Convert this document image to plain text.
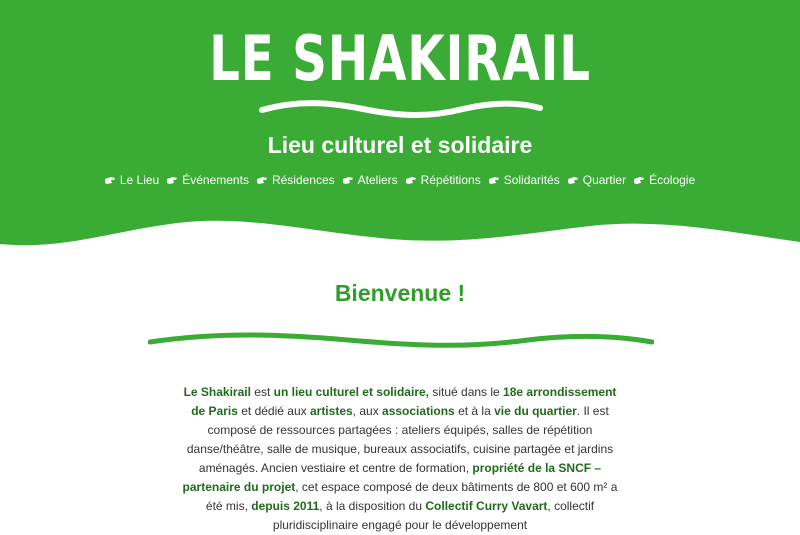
LE SHAKIRAIL
Lieu culturel et solidaire
Le Lieu Événements Résidences Ateliers Répétitions Solidarités Quartier Écologie
Bienvenue !
Le Shakirail est un lieu culturel et solidaire, situé dans le 18e arrondissement de Paris et dédié aux artistes, aux associations et à la vie du quartier. Il est composé de ressources partagées : ateliers équipés, salles de répétition danse/théâtre, salle de musique, bureaux associatifs, cuisine partagée et jardins aménagés. Ancien vestiaire et centre de formation, propriété de la SNCF – partenaire du projet, cet espace composé de deux bâtiments de 800 et 600 m² a été mis, depuis 2011, à la disposition du Collectif Curry Vavart, collectif pluridisciplinaire engagé pour le développement
